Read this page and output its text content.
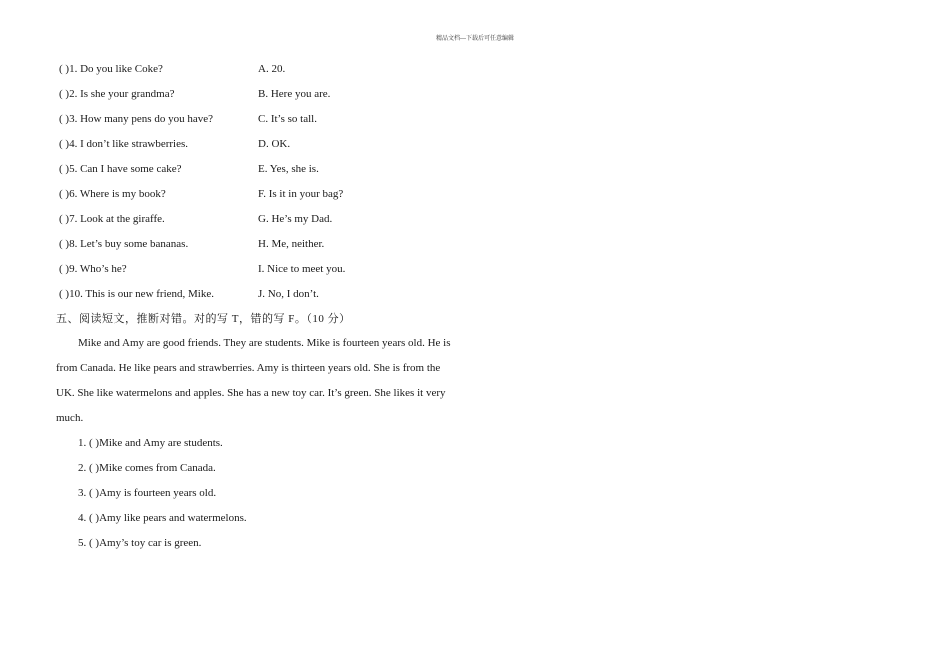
精品文档---下载后可任意编辑
( )1. Do you like Coke?	A. 20.
( )2. Is she your grandma?	B. Here you are.
( )3. How many pens do you have?	C. It’s so tall.
( )4. I don’t like strawberries.	D. OK.
( )5. Can I have some cake?	E. Yes, she is.
( )6. Where is my book?	F. Is it in your bag?
( )7. Look at the giraffe.	G. He’s my Dad.
( )8. Let’s buy some bananas.	H. Me, neither.
( )9. Who’s he?	I. Nice to meet you.
( )10. This is our new friend, Mike.	J. No, I don’t.
五、阅读短文，推断对错。对的写 T，错的写 F。（10 分）
Mike and Amy are good friends. They are students. Mike is fourteen years old. He is
from Canada. He like pears and strawberries. Amy is thirteen years old. She is from the
UK. She like watermelons and apples. She has a new toy car. It’s green. She likes it very
much.
1. ( )Mike and Amy are students.
2. ( )Mike comes from Canada.
3. ( )Amy is fourteen years old.
4. ( )Amy like pears and watermelons.
5. ( )Amy’s toy car is green.
